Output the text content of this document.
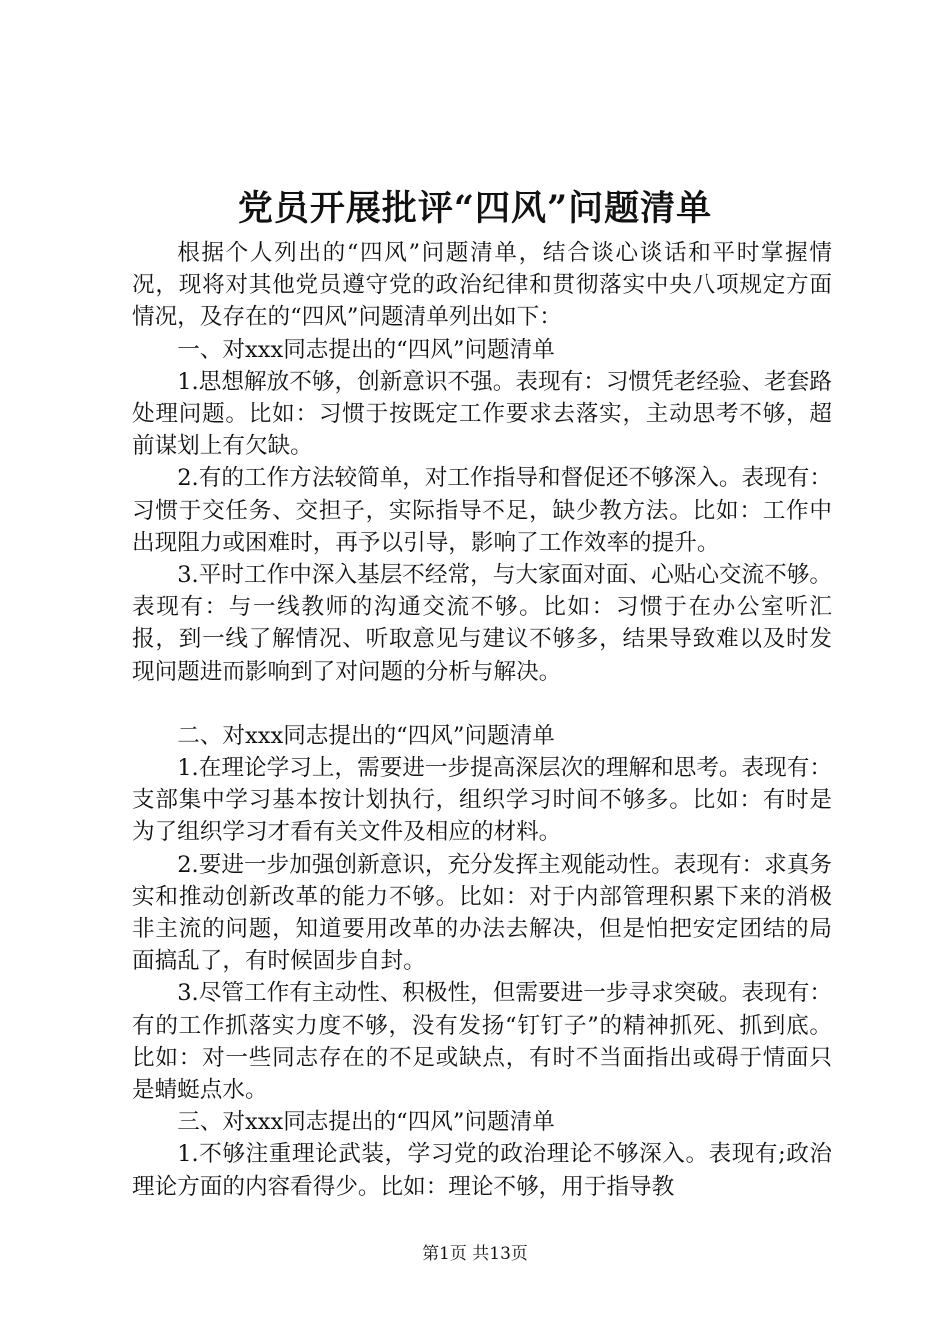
党员开展批评“四风”问题清单

根据个人列出的“四风”问题清单，结合谈心谈话和平时掌握情况，现将对其他党员遵守党的政治纪律和贯彻落实中央八项规定方面情况，及存在的“四风”问题清单列出如下：

一、对xxx同志提出的“四风”问题清单

1.思想解放不够，创新意识不强。表现有：习惯凭老经验、老套路处理问题。比如：习惯于按既定工作要求去落实，主动思考不够，超前谋划上有欠缺。

2.有的工作方法较简单，对工作指导和督促还不够深入。表现有：习惯于交任务、交担子，实际指导不足，缺少教方法。比如：工作中出现阻力或困难时，再予以引导，影响了工作效率的提升。

3.平时工作中深入基层不经常，与大家面对面、心贴心交流不够。表现有：与一线教师的沟通交流不够。比如：习惯于在办公室听汇报，到一线了解情况、听取意见与建议不够多，结果导致难以及时发现问题进而影响到了对问题的分析与解决。

二、对xxx同志提出的“四风”问题清单

1.在理论学习上，需要进一步提高深层次的理解和思考。表现有：支部集中学习基本按计划执行，组织学习时间不够多。比如：有时是为了组织学习才看有关文件及相应的材料。

2.要进一步加强创新意识，充分发挥主观能动性。表现有：求真务实和推动创新改革的能力不够。比如：对于内部管理积累下来的消极非主流的问题，知道要用改革的办法去解决，但是怕把安定团结的局面搞乱了，有时候固步自封。

3.尽管工作有主动性、积极性，但需要进一步寻求突破。表现有：有的工作抓落实力度不够，没有发扬“钉钉子”的精神抓死、抓到底。比如：对一些同志存在的不足或缺点，有时不当面指出或碍于情面只是蜻蜓点水。

三、对xxx同志提出的“四风”问题清单

1.不够注重理论武装，学习党的政治理论不够深入。表现有;政治理论方面的内容看得少。比如：理论不够，用于指导教

第1页 共13页
